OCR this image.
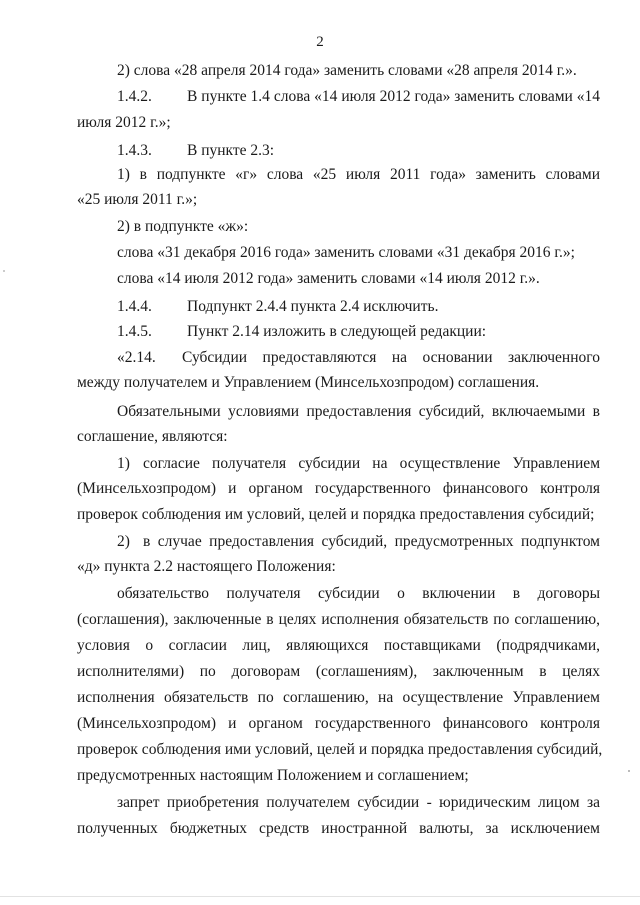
2
2) слова «28 апреля 2014 года» заменить словами «28 апреля 2014 г.».
1.4.2. В пункте 1.4 слова «14 июля 2012 года» заменить словами «14
июля 2012 г.»;
1.4.3. В пункте 2.3:
1) в подпункте «г» слова «25 июля 2011 года» заменить словами
«25 июля 2011 г.»;
2) в подпункте «ж»:
слова «31 декабря 2016 года» заменить словами «31 декабря 2016 г.»;
слова «14 июля 2012 года» заменить словами «14 июля 2012 г.».
1.4.4. Подпункт 2.4.4 пункта 2.4 исключить.
1.4.5. Пункт 2.14 изложить в следующей редакции:
«2.14. Субсидии предоставляются на основании заключенного
между получателем и Управлением (Минсельхозпродом) соглашения.
Обязательными условиями предоставления субсидий, включаемыми в
соглашение, являются:
1) согласие получателя субсидии на осуществление Управлением
(Минсельхозпродом) и органом государственного финансового контроля
проверок соблюдения им условий, целей и порядка предоставления субсидий;
2) в случае предоставления субсидий, предусмотренных подпунктом
«д» пункта 2.2 настоящего Положения:
обязательство получателя субсидии о включении в договоры
(соглашения), заключенные в целях исполнения обязательств по соглашению,
условия о согласии лиц, являющихся поставщиками (подрядчиками,
исполнителями) по договорам (соглашениям), заключенным в целях
исполнения обязательств по соглашению, на осуществление Управлением
(Минсельхозпродом) и органом государственного финансового контроля
проверок соблюдения ими условий, целей и порядка предоставления субсидий,
предусмотренных настоящим Положением и соглашением;
запрет приобретения получателем субсидии - юридическим лицом за
полученных бюджетных средств иностранной валюты, за исключением
